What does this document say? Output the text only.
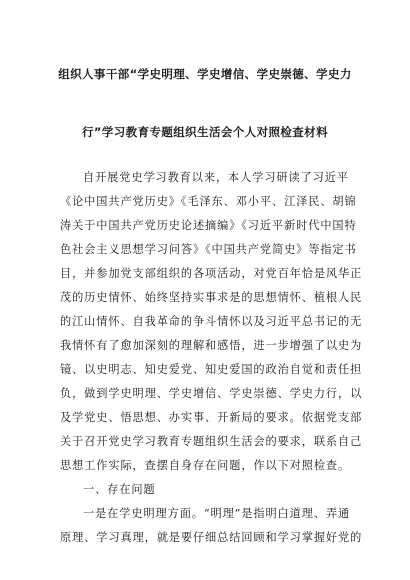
组织人事干部“学史明理、学史增信、学史崇德、学史力
行”学习教育专题组织生活会个人对照检查材料
自开展党史学习教育以来，本人学习研读了习近平
《论中国共产党历史》《毛泽东、邓小平、江泽民、胡锦
涛关于中国共产党历史论述摘编》《习近平新时代中国特
色社会主义思想学习问答》《中国共产党简史》等指定书
目，并参加党支部组织的各项活动，对党百年恰是风华正
茂的历史情怀、始终坚持实事求是的思想情怀、植根人民
的江山情怀、自我革命的争斗情怀以及习近平总书记的无
我情怀有了愈加深刻的理解和感悟，进一步增强了以史为
镜、以史明志、知史爱党、知史爱国的政治自觉和责任担
负，做到学史明理、学史增信、学史崇德、学史力行，以
及学党史、悟思想、办实事、开新局的要求。依据党支部
关于召开党史学习教育专题组织生活会的要求，联系自己
思想工作实际，查摆自身存在问题，作以下对照检查。
一、存在问题
一是在学史明理方面。“明理”是指明白道理、弄通
原理、学习真理，就是要仔细总结回顾和学习掌握好党的
